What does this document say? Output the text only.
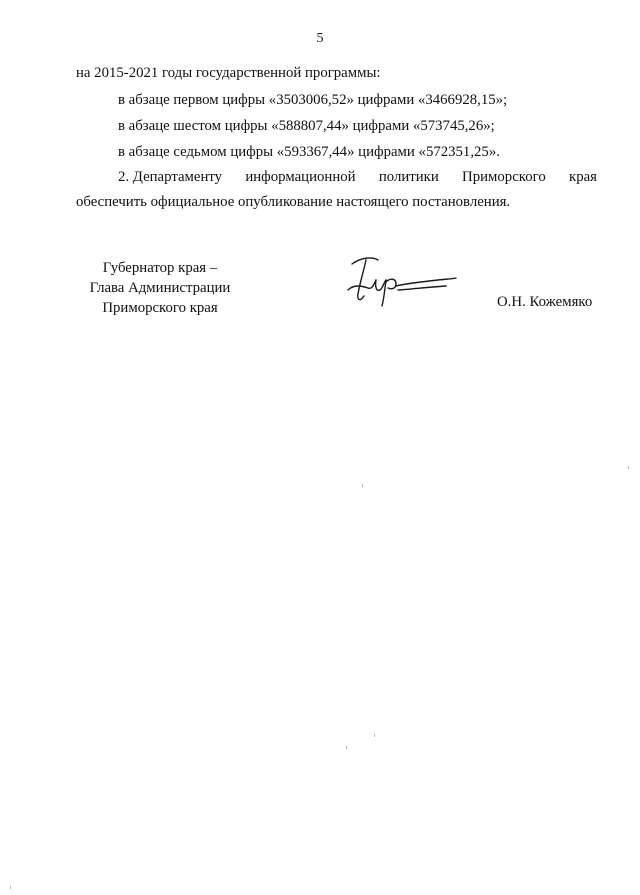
5
на 2015-2021 годы государственной программы:
в абзаце первом цифры «3503006,52» цифрами «3466928,15»;
в абзаце шестом цифры «588807,44» цифрами «573745,26»;
в абзаце седьмом цифры «593367,44» цифрами «572351,25».
2. Департаменту информационной политики Приморского края
обеспечить официальное опубликование настоящего постановления.
Губернатор края –
Глава Администрации
Приморского края	О.Н. Кожемяко
